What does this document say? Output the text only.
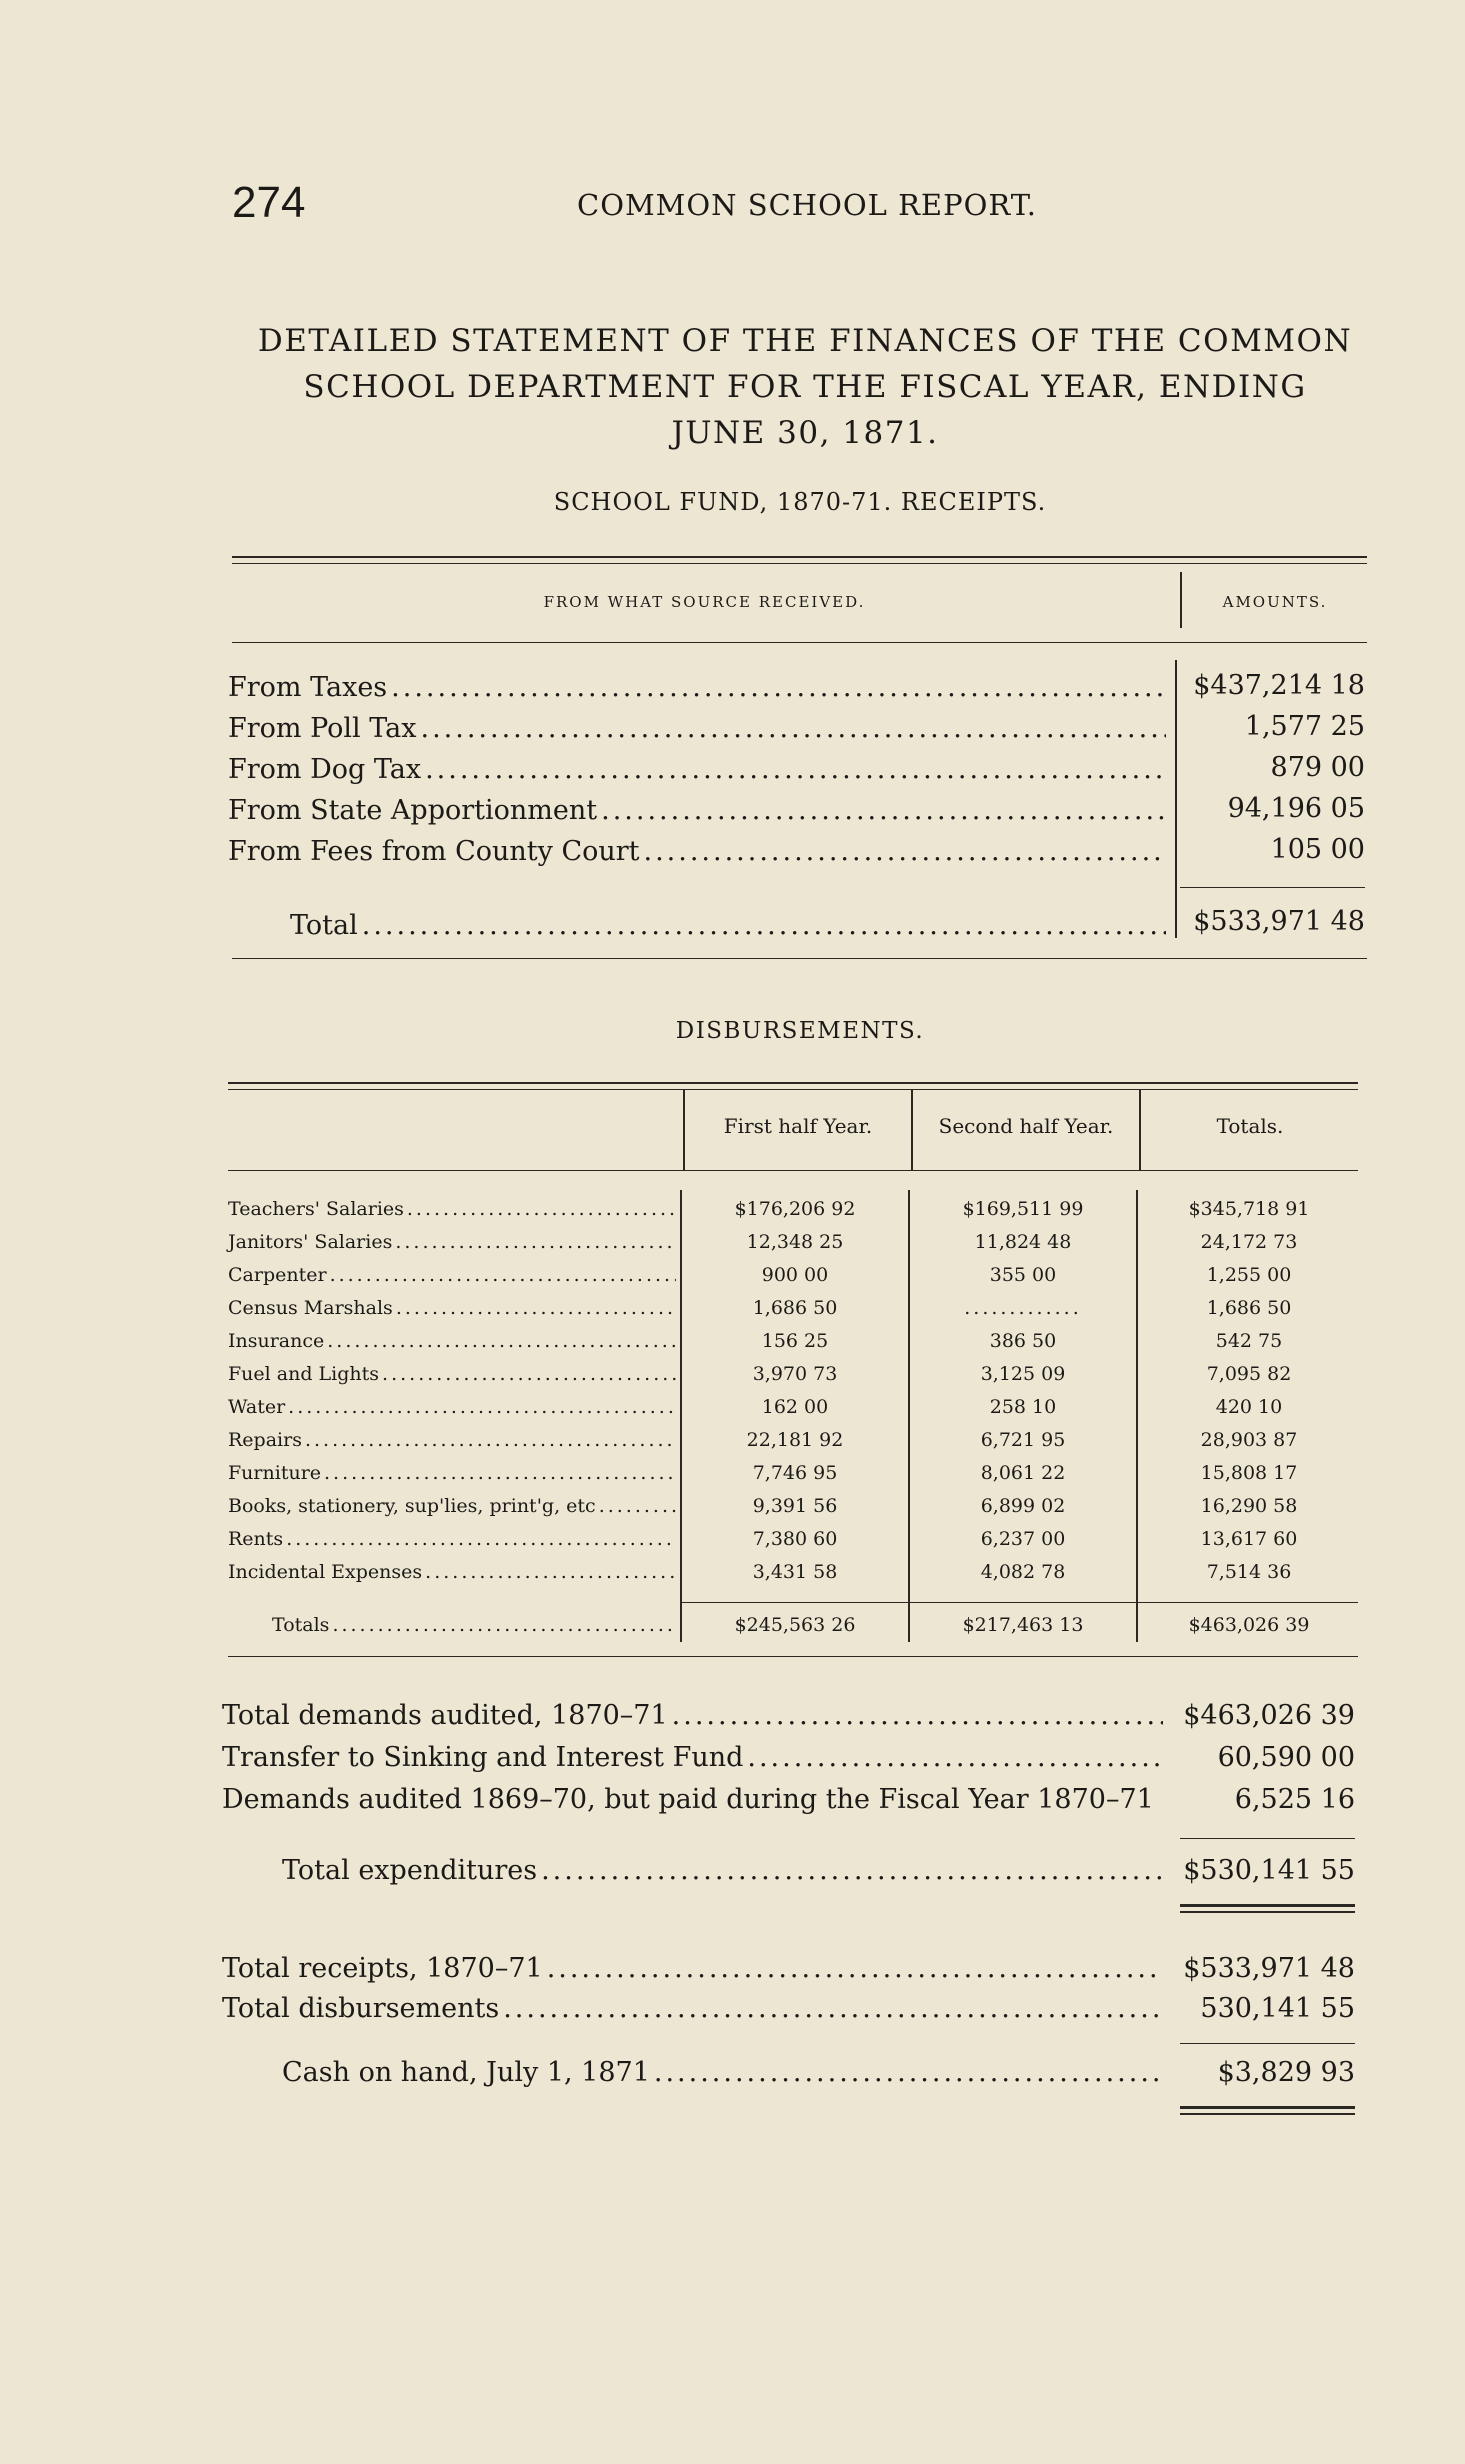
274	COMMON SCHOOL REPORT.
DETAILED STATEMENT OF THE FINANCES OF THE COMMON
SCHOOL DEPARTMENT FOR THE FISCAL YEAR, ENDING
JUNE 30, 1871.
SCHOOL FUND, 1870-71. RECEIPTS.
FROM WHAT SOURCE RECEIVED.	AMOUNTS.
From Taxes .....	$437,214 18
From Poll Tax .....	1,577 25
From Dog Tax .....	879 00
From State Apportionment .....	94,196 05
From Fees from County Court .....	105 00
Total .....	$533,971 48
DISBURSEMENTS.
First half Year.	Second half Year.	Totals.
Teachers' Salaries .....	$176,206 92	$169,511 99	$345,718 91
Janitors' Salaries .....	12,348 25	11,824 48	24,172 73
Carpenter .....	900 00	355 00	1,255 00
Census Marshals .....	1,686 50	.............	1,686 50
Insurance .....	156 25	386 50	542 75
Fuel and Lights .....	3,970 73	3,125 09	7,095 82
Water .....	162 00	258 10	420 10
Repairs .....	22,181 92	6,721 95	28,903 87
Furniture .....	7,746 95	8,061 22	15,808 17
Books, stationery, sup'lies, print'g, etc .....	9,391 56	6,899 02	16,290 58
Rents .....	7,380 60	6,237 00	13,617 60
Incidental Expenses .....	3,431 58	4,082 78	7,514 36
Totals .....	$245,563 26	$217,463 13	$463,026 39
Total demands audited, 1870–71 .....	$463,026 39
Transfer to Sinking and Interest Fund .....	60,590 00
Demands audited 1869–70, but paid during the Fiscal Year 1870–71	6,525 16
Total expenditures .....	$530,141 55
Total receipts, 1870–71 .....	$533,971 48
Total disbursements .....	530,141 55
Cash on hand, July 1, 1871 .....	$3,829 93
